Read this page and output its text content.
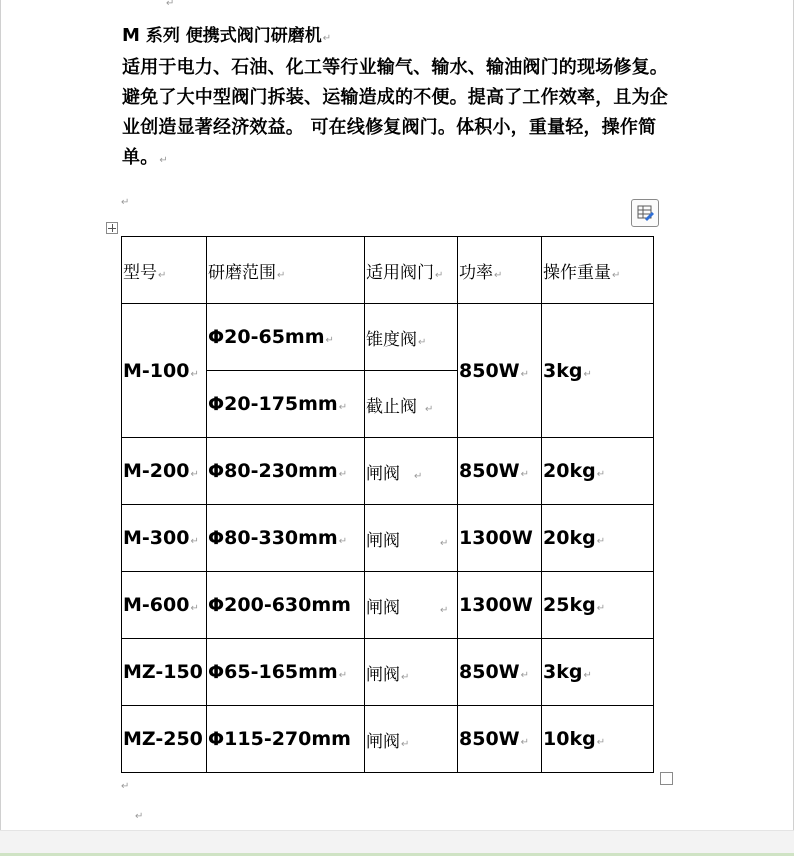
↵
M 系列 便携式阀门研磨机↵
适用于电力、石油、化工等行业输气、输水、输油阀门的现场修复。避免了大中型阀门拆装、运输造成的不便。提高了工作效率，且为企业创造显著经济效益。 可在线修复阀门。体积小，重量轻，操作简单。↵
↵
型号↵	研磨范围↵	适用阀门↵	功率↵	操作重量↵
M-100↵	Φ20-65mm↵	锥度阀↵	850W↵	3kg↵
	Φ20-175mm↵	截止阀 ↵		
M-200↵	Φ80-230mm↵	闸阀 ↵	850W↵	20kg↵
M-300↵	Φ80-330mm↵	闸阀 ↵	1300W	20kg↵
M-600↵	Φ200-630mm	闸阀 ↵	1300W	25kg↵
MZ-150	Φ65-165mm↵	闸阀↵	850W↵	3kg↵
MZ-250	Φ115-270mm	闸阀↵	850W↵	10kg↵
↵
↵
